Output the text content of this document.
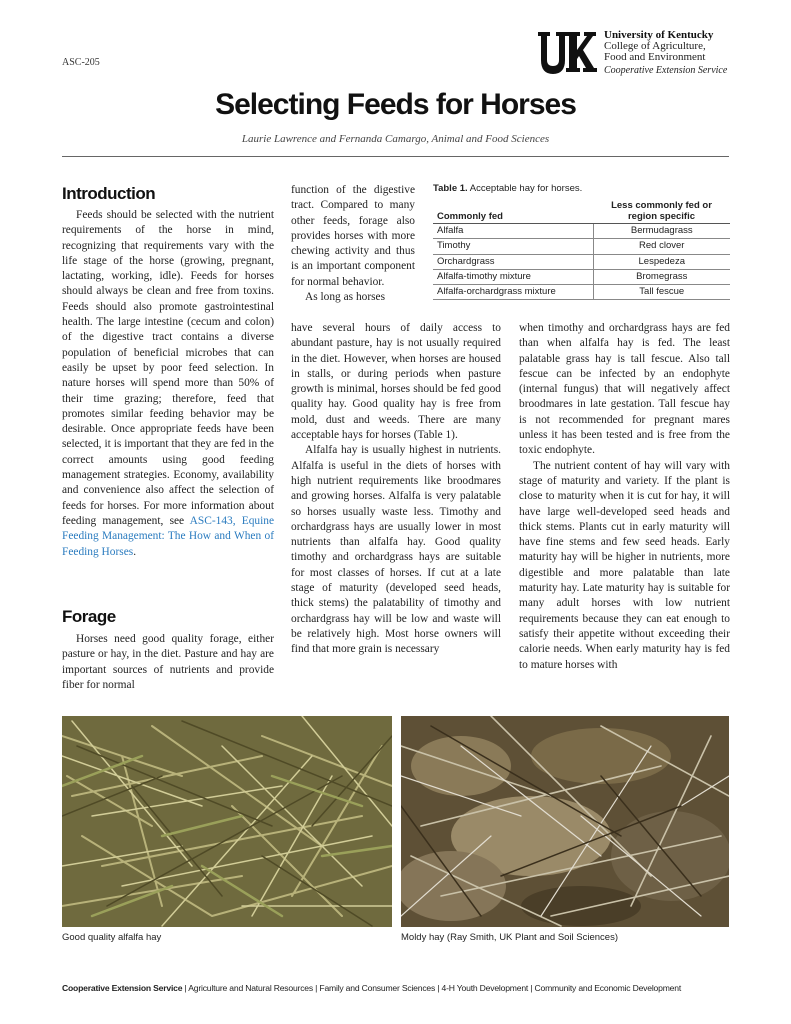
ASC-205
University of Kentucky
College of Agriculture,
Food and Environment
Cooperative Extension Service
Selecting Feeds for Horses
Laurie Lawrence and Fernanda Camargo, Animal and Food Sciences
Introduction

Feeds should be selected with the nutrient requirements of the horse in mind, recognizing that requirements vary with the life stage of the horse (growing, pregnant, lactating, working, idle). Feeds for horses should always be clean and free from toxins. Feeds should also promote gastrointestinal health. The large intestine (cecum and colon) of the digestive tract contains a diverse population of beneficial microbes that can easily be upset by poor feed selection. In nature horses will spend more than 50% of their time grazing; therefore, feed that promotes similar feeding behavior may be desirable. Once appropriate feeds have been selected, it is important that they are fed in the correct amounts using good feeding management strategies. Economy, availability and convenience also affect the selection of feeds for horses. For more information about feeding management, see ASC-143, Equine Feeding Management: The How and When of Feeding Horses.

Forage

Horses need good quality forage, either pasture or hay, in the diet. Pasture and hay are important sources of nutrients and provide fiber for normal

function of the digestive tract. Compared to many other feeds, forage also provides horses with more chewing activity and thus is an important component for normal behavior.

As long as horses

have several hours of daily access to abundant pasture, hay is not usually required in the diet. However, when horses are housed in stalls, or during periods when pasture growth is minimal, horses should be fed good quality hay. Good quality hay is free from mold, dust and weeds. There are many acceptable hays for horses (Table 1).

Alfalfa hay is usually highest in nutrients. Alfalfa is useful in the diets of horses with high nutrient requirements like broodmares and growing horses. Alfalfa is very palatable so horses usually waste less. Timothy and orchardgrass hays are usually lower in most nutrients than alfalfa hay. Good quality timothy and orchardgrass hays are suitable for most classes of horses. If cut at a late stage of maturity (developed seed heads, thick stems) the palatability of timothy and orchardgrass hay will be low and waste will be relatively high. Most horse owners will find that more grain is necessary

Table 1. Acceptable hay for horses.
Commonly fed	Less commonly fed or region specific
Alfalfa	Bermudagrass
Timothy	Red clover
Orchardgrass	Lespedeza
Alfalfa-timothy mixture	Bromegrass
Alfalfa-orchardgrass mixture	Tall fescue

when timothy and orchardgrass hays are fed than when alfalfa hay is fed. The least palatable grass hay is tall fescue. Also tall fescue can be infected by an endophyte (internal fungus) that will negatively affect broodmares in late gestation. Tall fescue hay is not recommended for pregnant mares unless it has been tested and is free from the toxic endophyte.

The nutrient content of hay will vary with stage of maturity and variety. If the plant is close to maturity when it is cut for hay, it will have large well-developed seed heads and thick stems. Plants cut in early maturity will have fine stems and few seed heads. Early maturity hay will be higher in nutrients, more digestible and more palatable than late maturity hay. Late maturity hay is suitable for many adult horses with low nutrient requirements because they can eat enough to satisfy their appetite without exceeding their calorie needs. When early maturity hay is fed to mature horses with

Good quality alfalfa hay	Moldy hay (Ray Smith, UK Plant and Soil Sciences)
Cooperative Extension Service | Agriculture and Natural Resources | Family and Consumer Sciences | 4-H Youth Development | Community and Economic Development
